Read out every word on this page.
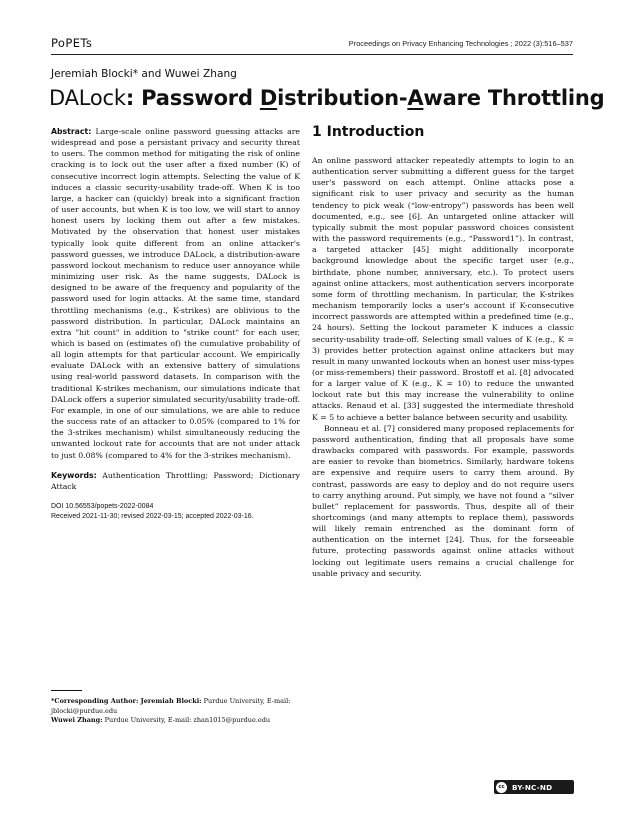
PoPETs	Proceedings on Privacy Enhancing Technologies ; 2022 (3):516–537
Jeremiah Blocki* and Wuwei Zhang
DALock: Password Distribution-Aware Throttling
Abstract: Large-scale online password guessing attacks are widespread and pose a persistant privacy and security threat to users. The common method for mitigating the risk of online cracking is to lock out the user after a fixed number (K) of consecutive incorrect login attempts. Selecting the value of K induces a classic security-usability trade-off. When K is too large, a hacker can (quickly) break into a significant fraction of user accounts, but when K is too low, we will start to annoy honest users by locking them out after a few mistakes. Motivated by the observation that honest user mistakes typically look quite different from an online attacker's password guesses, we introduce DALock, a distribution-aware password lockout mechanism to reduce user annoyance while minimizing user risk. As the name suggests, DALock is designed to be aware of the frequency and popularity of the password used for login attacks. At the same time, standard throttling mechanisms (e.g., K-strikes) are oblivious to the password distribution. In particular, DALock maintains an extra "hit count" in addition to "strike count" for each user, which is based on (estimates of) the cumulative probability of all login attempts for that particular account. We empirically evaluate DALock with an extensive battery of simulations using real-world password datasets. In comparison with the traditional K-strikes mechanism, our simulations indicate that DALock offers a superior simulated security/usability trade-off. For example, in one of our simulations, we are able to reduce the success rate of an attacker to 0.05% (compared to 1% for the 3-strikes mechanism) whilst simultaneously reducing the unwanted lockout rate for accounts that are not under attack to just 0.08% (compared to 4% for the 3-strikes mechanism).
Keywords: Authentication Throttling; Password; Dictionary Attack
DOI 10.56553/popets-2022-0084
Received 2021-11-30; revised 2022-03-15; accepted 2022-03-16.
*Corresponding Author: Jeremiah Blocki: Purdue University, E-mail: jblocki@purdue.edu
Wuwei Zhang: Purdue University, E-mail: zhan1015@purdue.edu
1 Introduction

An online password attacker repeatedly attempts to login to an authentication server submitting a different guess for the target user's password on each attempt. Online attacks pose a significant risk to user privacy and security as the human tendency to pick weak (“low-entropy”) passwords has been well documented, e.g., see [6]. An untargeted online attacker will typically submit the most popular password choices consistent with the password requirements (e.g., “Password1”). In contrast, a targeted attacker [45] might additionally incorporate background knowledge about the specific target user (e.g., birthdate, phone number, anniversary, etc.). To protect users against online attackers, most authentication servers incorporate some form of throttling mechanism. In particular, the K-strikes mechanism temporarily locks a user's account if K-consecutive incorrect passwords are attempted within a predefined time (e.g., 24 hours). Setting the lockout parameter K induces a classic security-usability trade-off. Selecting small values of K (e.g., K = 3) provides better protection against online attackers but may result in many unwanted lockouts when an honest user miss-types (or miss-remembers) their password. Brostoff et al. [8] advocated for a larger value of K (e.g., K = 10) to reduce the unwanted lockout rate but this may increase the vulnerability to online attacks. Renaud et al. [33] suggested the intermediate threshold K = 5 to achieve a better balance between security and usability.

Bonneau et al. [7] considered many proposed replacements for password authentication, finding that all proposals have some drawbacks compared with passwords. For example, passwords are easier to revoke than biometrics. Similarly, hardware tokens are expensive and require users to carry them around. By contrast, passwords are easy to deploy and do not require users to carry anything around. Put simply, we have not found a “silver bullet” replacement for passwords. Thus, despite all of their shortcomings (and many attempts to replace them), passwords will likely remain entrenched as the dominant form of authentication on the internet [24]. Thus, for the forseeable future, protecting passwords against online attacks without locking out legitimate users remains a crucial challenge for usable privacy and security.

cc	BY-NC-ND
